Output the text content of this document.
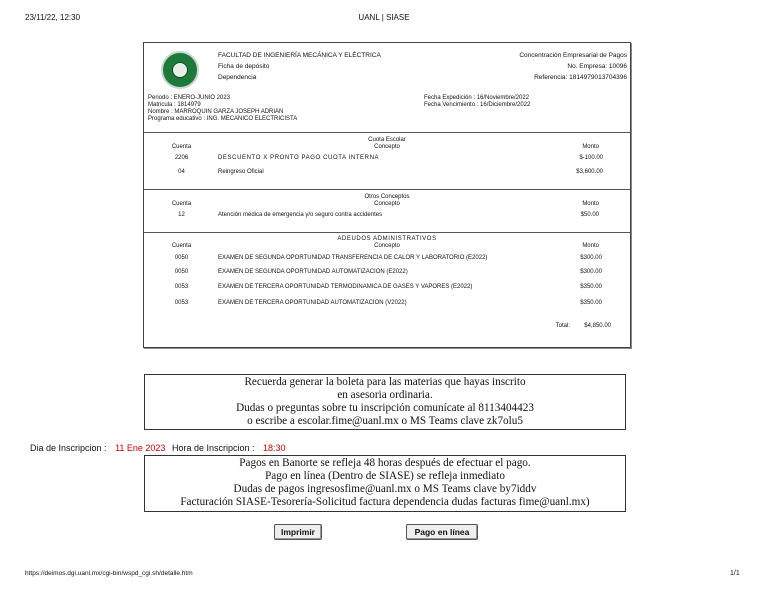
23/11/22, 12:30	UANL | SIASE
FACULTAD DE INGENIERÍA MECÁNICA Y ELÉCTRICA
Ficha de depósito
Dependencia
Concentración Empresarial de Pagos
No. Empresa: 10096
Referencia: 1814979013704396
Periodo : ENERO-JUNIO 2023
Matricula : 1814979
Nombre : MARROQUIN GARZA JOSEPH ADRIAN
Programa educativo : ING. MECANICO ELECTRICISTA
Fecha Expedición : 16/Noviembre/2022
Fecha Vencimiento : 16/Diciembre/2022
Cuota Escolar
Cuenta	Concepto	Monto
2206	DESCUENTO X PRONTO PAGO CUOTA INTERNA	$-100.00
04	Reingreso Oficial	$3,600.00
Otros Conceptos
Cuenta	Concepto	Monto
12	Atención médica de emergencia y/o seguro contra accidentes	$50.00
ADEUDOS ADMINISTRATIVOS
Cuenta	Concepto	Monto
0050	EXAMEN DE SEGUNDA OPORTUNIDAD TRANSFERENCIA DE CALOR Y LABORATORIO (E2022)	$300.00
0050	EXAMEN DE SEGUNDA OPORTUNIDAD AUTOMATIZACION (E2022)	$300.00
0053	EXAMEN DE TERCERA OPORTUNIDAD TERMODINAMICA DE GASES Y VAPORES (E2022)	$350.00
0053	EXAMEN DE TERCERA OPORTUNIDAD AUTOMATIZACION (V2022)	$350.00
Total:	$4,850.00
Recuerda generar la boleta para las materias que hayas inscrito
en asesoria ordinaria.
Dudas o preguntas sobre tu inscripción comunícate al 8113404423
o escribe a escolar.fime@uanl.mx o MS Teams clave zk7olu5
Dia de Inscripcion : 11 Ene 2023 Hora de Inscripcion : 18:30
Pagos en Banorte se refleja 48 horas después de efectuar el pago.
Pago en línea (Dentro de SIASE) se refleja inmediato
Dudas de pagos ingresosfime@uanl.mx o MS Teams clave by7iddv
Facturación SIASE-Tesorería-Solicitud factura dependencia dudas facturas fime@uanl.mx)
Imprimir	Pago en línea
https://deimos.dgi.uanl.mx/cgi-bin/wspd_cgi.sh/detalle.htm	1/1
